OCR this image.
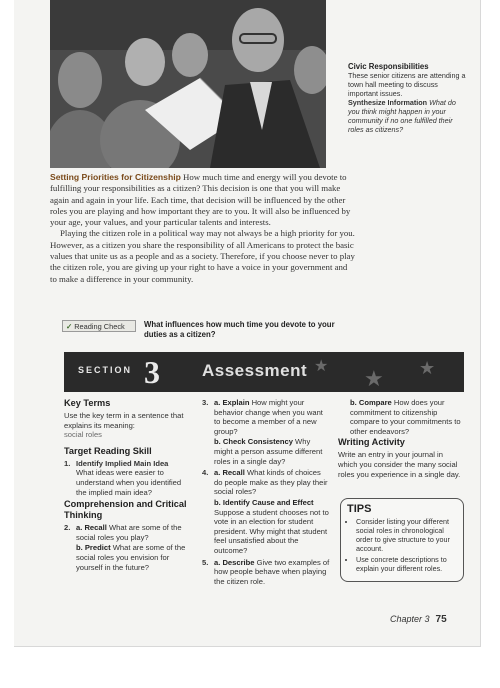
Civic Responsibilities
These senior citizens are attending a town hall meeting to discuss important issues.
Synthesize Information What do you think might happen in your community if no one fulfilled their roles as citizens?

Setting Priorities for Citizenship How much time and energy will you devote to fulfilling your responsibilities as a citizen? This decision is one that you will make again and again in your life. Each time, that decision will be influenced by the other roles you are playing and how important they are to you. It will also be influenced by your age, your values, and your particular talents and interests.

Playing the citizen role in a political way may not always be a high priority for you. However, as a citizen you share the responsibility of all Americans to protect the basic values that unite us as a people and as a society. Therefore, if you choose never to play the citizen role, you are giving up your right to have a voice in your government and to make a difference in your community.

✓ Reading Check	What influences how much time you devote to your duties as a citizen?
★ ★ ★
SECTION 3 Assessment
Key Terms
Use the key term in a sentence that explains its meaning:
social roles
Target Reading Skill
1. Identify Implied Main Idea
What ideas were easier to understand when you identified the implied main idea?
Comprehension and Critical Thinking
2. a. Recall What are some of the social roles you play?
b. Predict What are some of the social roles you envision for yourself in the future?
3. a. Explain How might your behavior change when you want to become a member of a new group?
b. Check Consistency Why might a person assume different roles in a single day?
4. a. Recall What kinds of choices do people make as they play their social roles?
b. Identify Cause and Effect Suppose a student chooses not to vote in an election for student president. Why might that student feel unsatisfied about the outcome?
5. a. Describe Give two examples of how people behave when playing the citizen role.
b. Compare How does your commitment to citizenship compare to your commitments to other endeavors?
Writing Activity
Write an entry in your journal in which you consider the many social roles you experience in a single day.
TIPS
• Consider listing your different social roles in chronological order to give structure to your account.
• Use concrete descriptions to explain your different roles.
Chapter 3 75
